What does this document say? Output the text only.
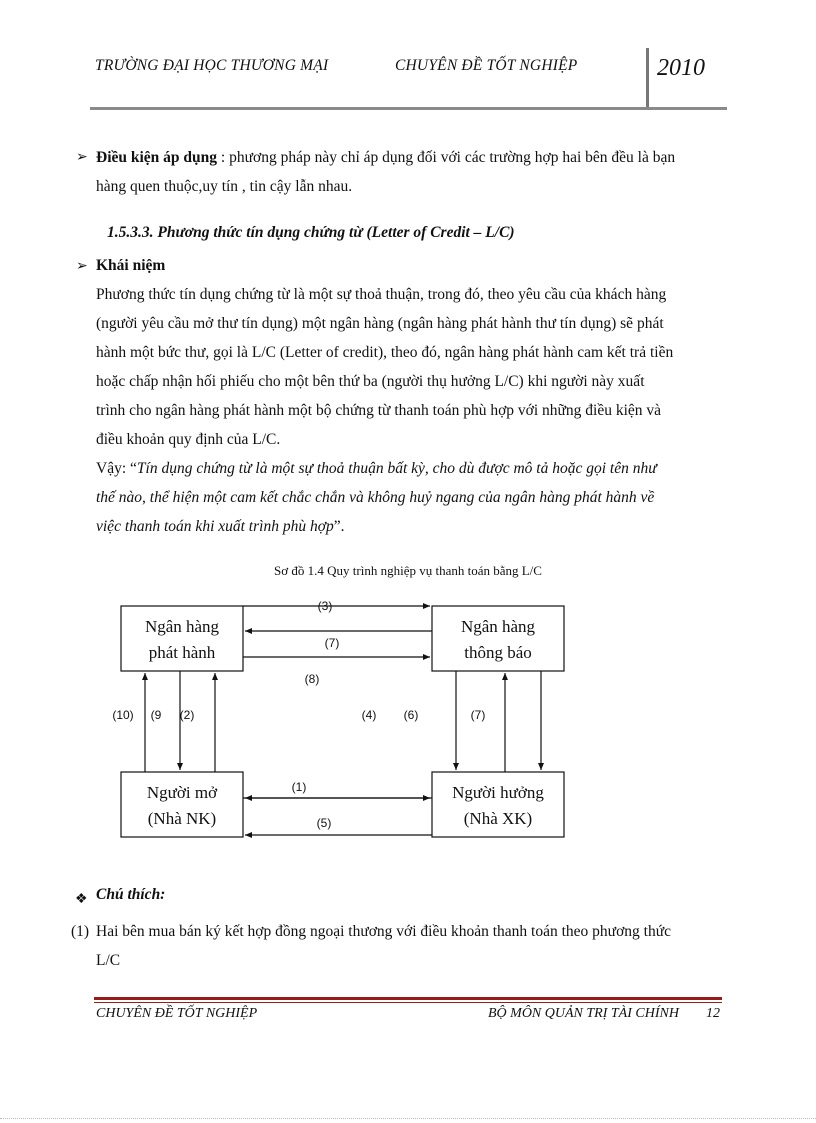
TRƯỜNG ĐẠI HỌC THƯƠNG MẠI	CHUYÊN ĐỀ TỐT NGHIỆP	2010
➢ Điều kiện áp dụng : phương pháp này chỉ áp dụng đối với các trường hợp hai bên đều là bạn
hàng quen thuộc,uy tín , tin cậy lẫn nhau.
1.5.3.3. Phương thức tín dụng chứng từ (Letter of Credit – L/C)
➢ Khái niệm
Phương thức tín dụng chứng từ là một sự thoả thuận, trong đó, theo yêu cầu của khách hàng
(người yêu cầu mở thư tín dụng) một ngân hàng (ngân hàng phát hành thư tín dụng) sẽ phát
hành một bức thư, gọi là L/C (Letter of credit), theo đó, ngân hàng phát hành cam kết trả tiền
hoặc chấp nhận hối phiếu cho một bên thứ ba (người thụ hưởng L/C) khi người này xuất
trình cho ngân hàng phát hành một bộ chứng từ thanh toán phù hợp với những điều kiện và
điều khoản quy định của L/C.
Vậy: “Tín dụng chứng từ là một sự thoả thuận bất kỳ, cho dù được mô tả hoặc gọi tên như
thế nào, thể hiện một cam kết chắc chắn và không huỷ ngang của ngân hàng phát hành về
việc thanh toán khi xuất trình phù hợp”.
Sơ đồ 1.4 Quy trình nghiệp vụ thanh toán bằng L/C
Ngân hàng
phát hành
Ngân hàng
thông báo
Người mở
(Nhà NK)
Người hưởng
(Nhà XK)
(3)
(7)
(8)
(10) (9 (2)	(4) (6)	(7)
(1)
(5)
❖ Chú thích:
(1) Hai bên mua bán ký kết hợp đồng ngoại thương với điều khoản thanh toán theo phương thức
L/C
CHUYÊN ĐỀ TỐT NGHIỆP	BỘ MÔN QUẢN TRỊ TÀI CHÍNH 12
